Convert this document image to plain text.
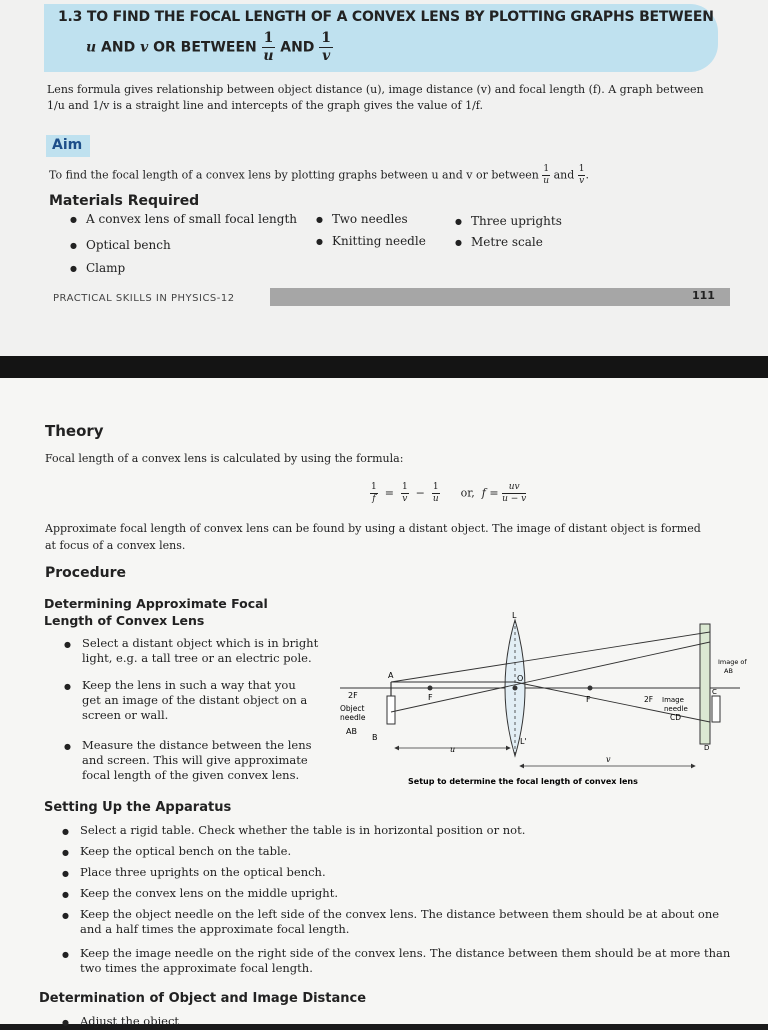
1.3 TO FIND THE FOCAL LENGTH OF A CONVEX LENS BY PLOTTING GRAPHS BETWEEN
u AND v OR BETWEEN $\frac{1}{u}$ AND $\frac{1}{v}$
Lens formula gives relationship between object distance (u), image distance (v) and focal length (f). A graph between
1/u and 1/v is a straight line and intercepts of the graph gives the value of 1/f.
Aim
To find the focal length of a convex lens by plotting graphs between u and v or between $\frac{1}{u}$ and $\frac{1}{v}$ .
Materials Required
● A convex lens of small focal length
● Optical bench
● Clamp
● Two needles
● Knitting needle
● Three uprights
● Metre scale
PRACTICAL SKILLS IN PHYSICS-12	111
Theory
Focal length of a convex lens is calculated by using the formula:
$\frac{1}{f} = \frac{1}{v} - \frac{1}{u}$ or, $f = \frac{uv}{u - v}$
Approximate focal length of convex lens can be found by using a distant object. The image of distant object is formed
at focus of a convex lens.
Procedure
Determining Approximate Focal
Length of Convex Lens
● Select a distant object which is in bright
light, e.g. a tall tree or an electric pole.
● Keep the lens in such a way that you
get an image of the distant object on a
screen or wall.
● Measure the distance between the lens
and screen. This will give approximate
focal length of the given convex lens.
2F
Object
needle
AB
A
B
F
O
L
L'
F	2F Image
needle
CD
C
D
u
v
Image of
AB
Setup to determine the focal length of convex lens
Setting Up the Apparatus
● Select a rigid table. Check whether the table is in horizontal position or not.
● Keep the optical bench on the table.
● Place three uprights on the optical bench.
● Keep the convex lens on the middle upright.
● Keep the object needle on the left side of the convex lens. The distance between them should be at about one
and a half times the approximate focal length.
● Keep the image needle on the right side of the convex lens. The distance between them should be at more than
two times the approximate focal length.
Determination of Object and Image Distance
● Adjust the object
